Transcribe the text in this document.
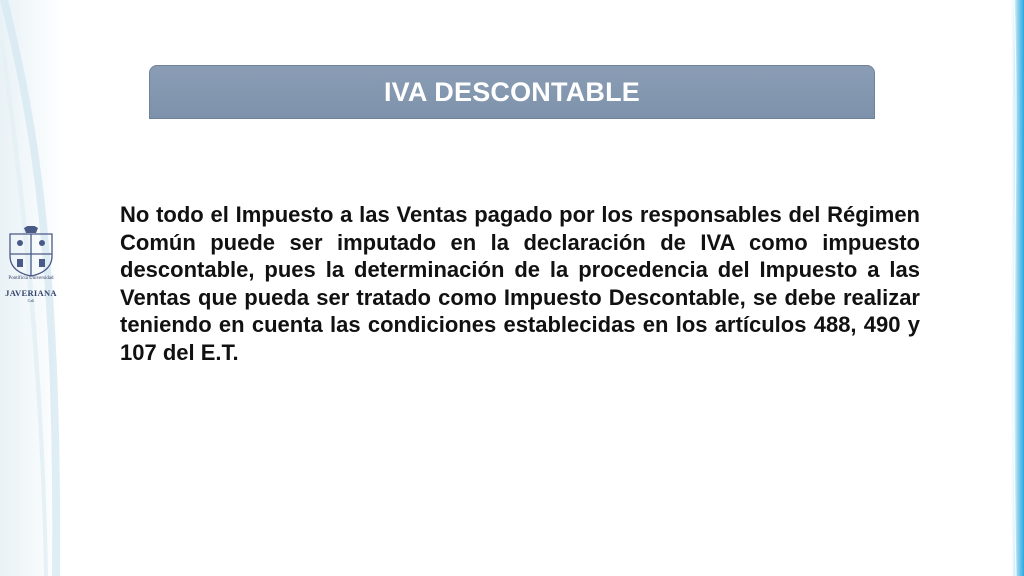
Pontificia Universidad
JAVERIANA
Cali
IVA DESCONTABLE

No todo el Impuesto a las Ventas pagado por los responsables del Régimen Común puede ser imputado en la declaración de IVA como impuesto descontable, pues la determinación de la procedencia del Impuesto a las Ventas que pueda ser tratado como Impuesto Descontable, se debe realizar teniendo en cuenta las condiciones establecidas en los artículos 488, 490 y 107 del E.T.
